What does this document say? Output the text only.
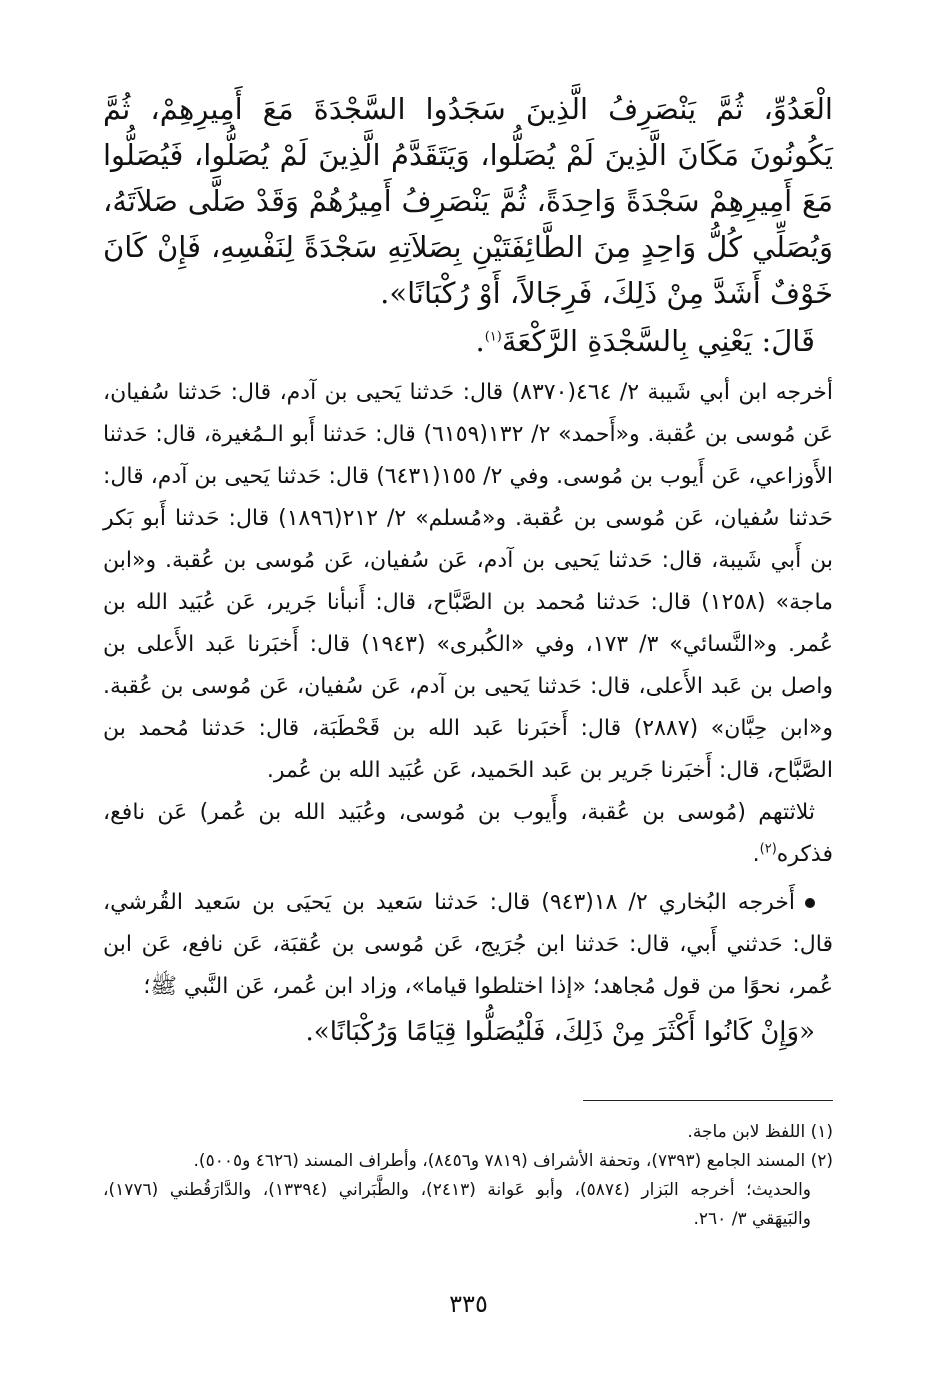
الْعَدُوِّ، ثُمَّ يَنْصَرِفُ الَّذِينَ سَجَدُوا السَّجْدَةَ مَعَ أَمِيرِهِمْ، ثُمَّ يَكُونُونَ مَكَانَ الَّذِينَ لَمْ يُصَلُّوا، وَيَتَقَدَّمُ الَّذِينَ لَمْ يُصَلُّوا، فَيُصَلُّوا مَعَ أَمِيرِهِمْ سَجْدَةً وَاحِدَةً، ثُمَّ يَنْصَرِفُ أَمِيرُهُمْ وَقَدْ صَلَّى صَلاَتَهُ، وَيُصَلِّي كُلُّ وَاحِدٍ مِنَ الطَّائِفَتَيْنِ بِصَلاَتِهِ سَجْدَةً لِنَفْسِهِ، فَإِنْ كَانَ خَوْفٌ أَشَدَّ مِنْ ذَلِكَ، فَرِجَالاً، أَوْ رُكْبَانًا».

قَالَ: يَعْنِي بِالسَّجْدَةِ الرَّكْعَةَ$^{(١)}$.

أخرجه ابن أبي شَيبة ٢/ ٤٦٤(٨٣٧٠) قال: حَدثنا يَحيى بن آدم، قال: حَدثنا سُفيان، عَن مُوسى بن عُقبة. و«أَحمد» ٢/ ١٣٢(٦١٥٩) قال: حَدثنا أَبو الـمُغيرة، قال: حَدثنا الأَوزاعي، عَن أَيوب بن مُوسى. وفي ٢/ ١٥٥(٦٤٣١) قال: حَدثنا يَحيى بن آدم، قال: حَدثنا سُفيان، عَن مُوسى بن عُقبة. و«مُسلم» ٢/ ٢١٢(١٨٩٦) قال: حَدثنا أَبو بَكر بن أَبي شَيبة، قال: حَدثنا يَحيى بن آدم، عَن سُفيان، عَن مُوسى بن عُقبة. و«ابن ماجة» (١٢٥٨) قال: حَدثنا مُحمد بن الصَّبَّاح، قال: أَنبأنا جَرير، عَن عُبَيد الله بن عُمر. و«النَّسائي» ٣/ ١٧٣، وفي «الكُبرى» (١٩٤٣) قال: أَخبَرنا عَبد الأَعلى بن واصل بن عَبد الأَعلى، قال: حَدثنا يَحيى بن آدم، عَن سُفيان، عَن مُوسى بن عُقبة. و«ابن حِبَّان» (٢٨٨٧) قال: أَخبَرنا عَبد الله بن قَحْطَبَة، قال: حَدثنا مُحمد بن الصَّبَّاح، قال: أَخبَرنا جَرير بن عَبد الحَميد، عَن عُبَيد الله بن عُمر.

ثلاثتهم (مُوسى بن عُقبة، وأَيوب بن مُوسى، وعُبَيد الله بن عُمر) عَن نافع، فذكره$^{(٢)}$.

أَخرجه البُخاري ٢/ ١٨(٩٤٣) قال: حَدثنا سَعيد بن يَحيَى بن سَعيد القُرشي، قال: حَدثني أَبي، قال: حَدثنا ابن جُرَيج، عَن مُوسى بن عُقبَة، عَن نافع، عَن ابن عُمر، نحوًا من قول مُجاهد؛ «إذا اختلطوا قياما»، وزاد ابن عُمر، عَن النَّبي ﷺ؛

«وَإِنْ كَانُوا أَكْثَرَ مِنْ ذَلِكَ، فَلْيُصَلُّوا قِيَامًا وَرُكْبَانًا».

(١) اللفظ لابن ماجة.

(٢) المسند الجامع (٧٣٩٣)، وتحفة الأشراف (٧٨١٩ و٨٤٥٦)، وأطراف المسند (٤٦٢٦ و٥٠٠٥).

والحديث؛ أخرجه البَزار (٥٨٧٤)، وأبو عَوانة (٢٤١٣)، والطَّبَراني (١٣٣٩٤)، والدَّارَقُطني (١٧٧٦)، والبَيهَقي ٣/ ٢٦٠.

٣٣٥
